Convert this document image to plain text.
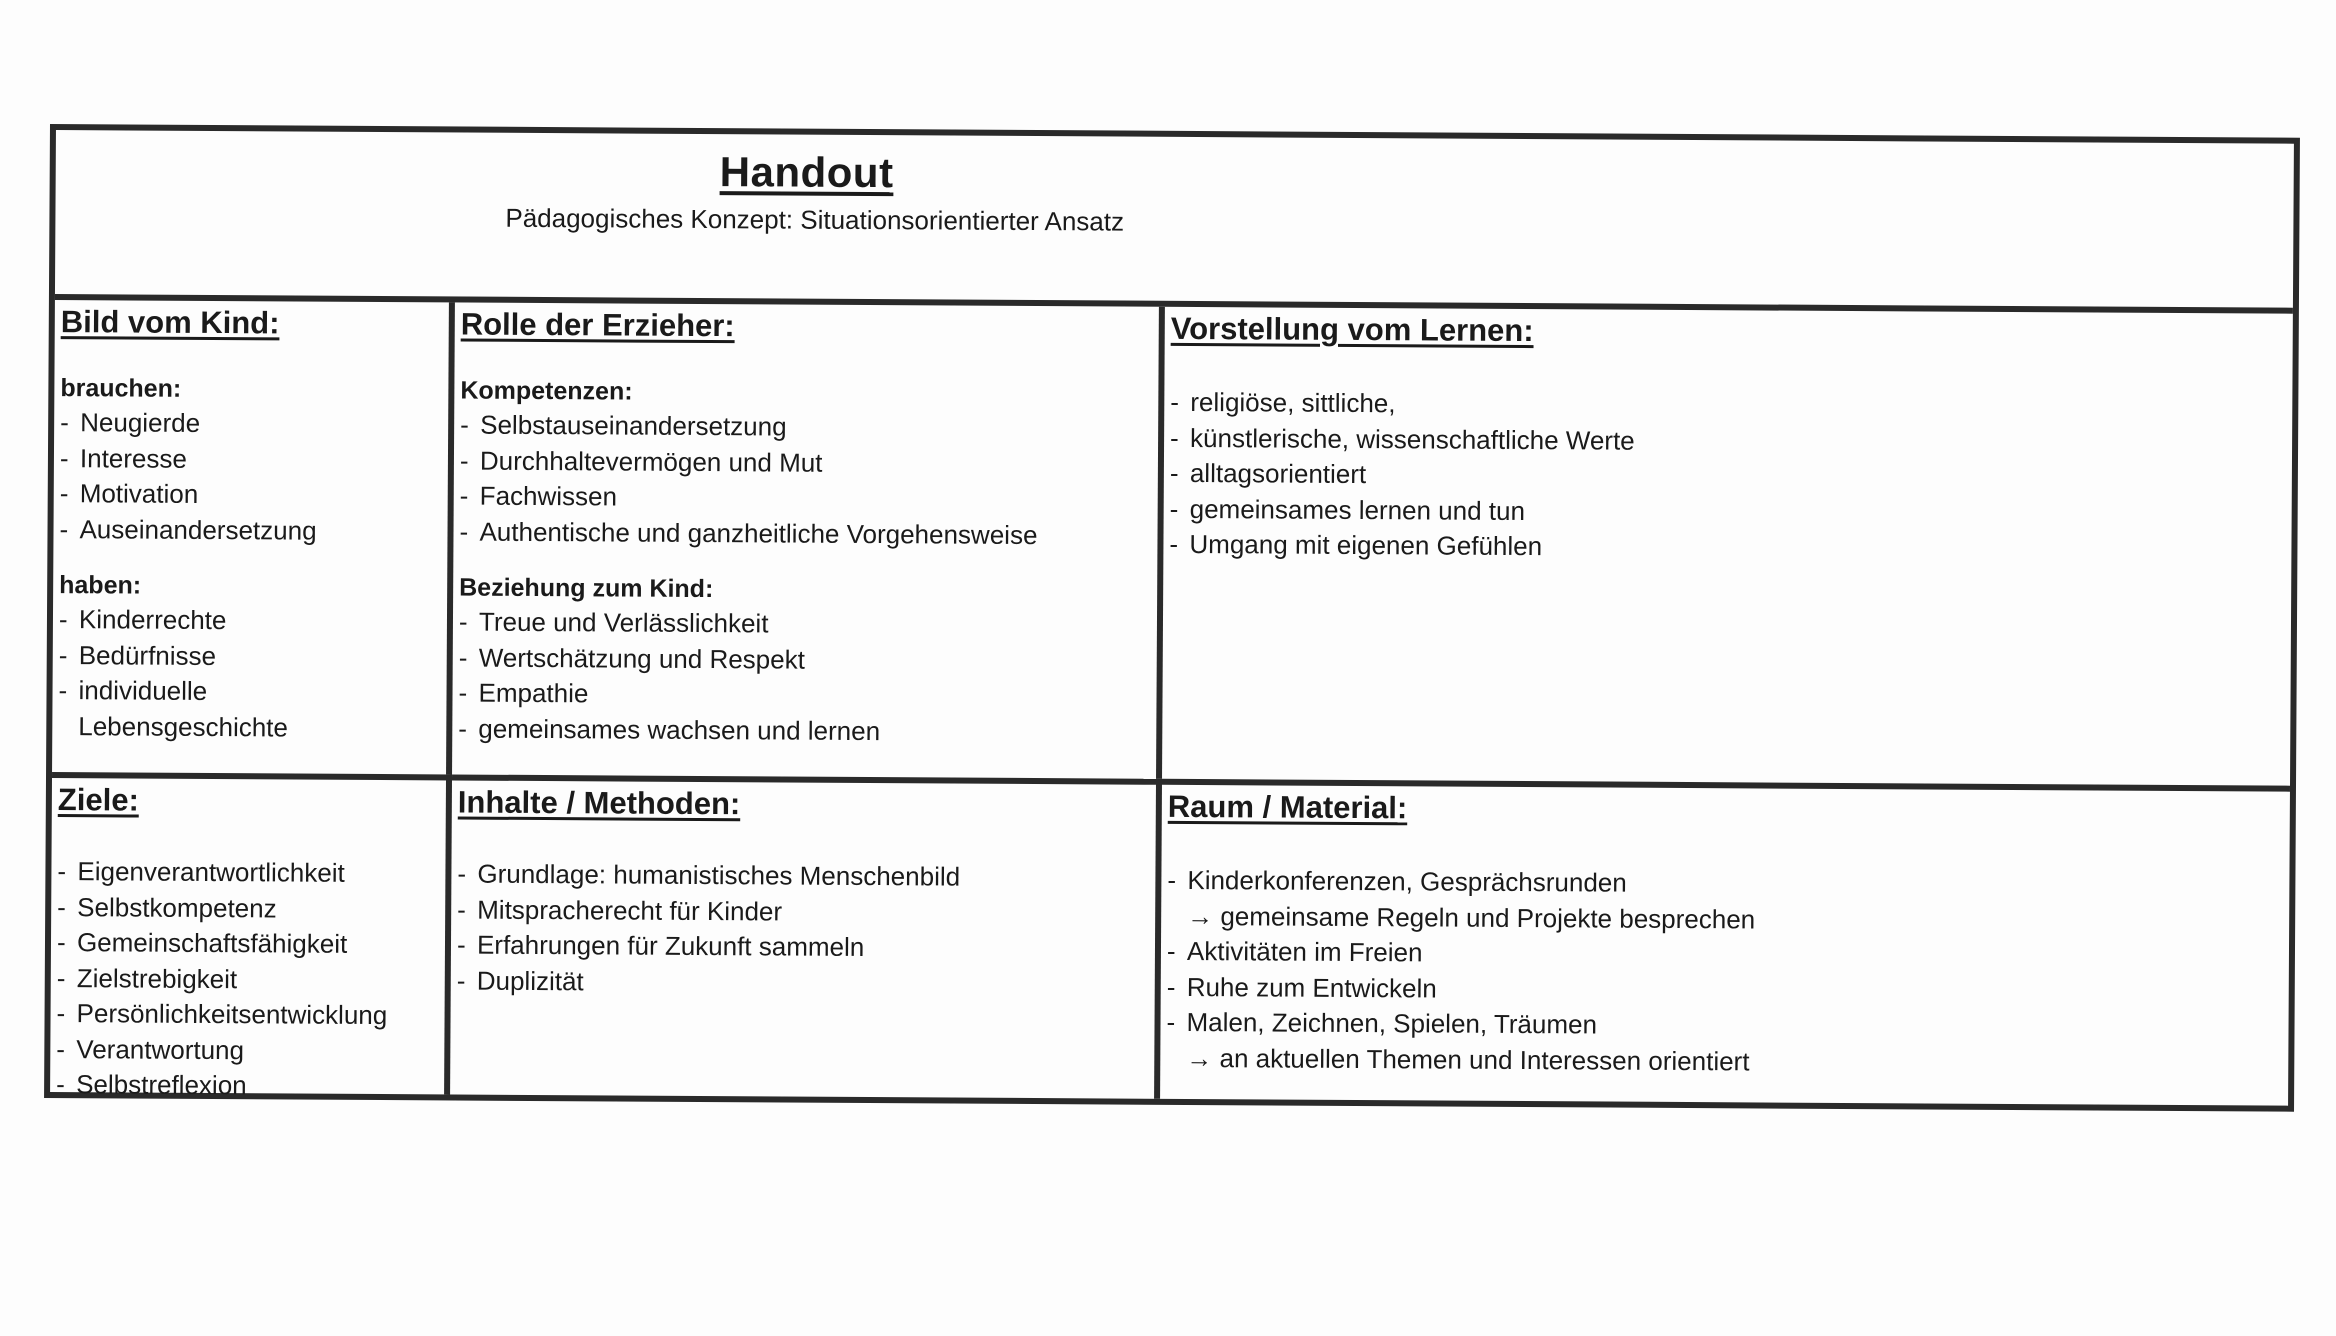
Handout
Pädagogisches Konzept: Situationsorientierter Ansatz
Bild vom Kind:
brauchen:
- Neugierde
- Interesse
- Motivation
- Auseinandersetzung
haben:
- Kinderrechte
- Bedürfnisse
- individuelle
Lebensgeschichte
Rolle der Erzieher:
Kompetenzen:
- Selbstauseinandersetzung
- Durchhaltevermögen und Mut
- Fachwissen
- Authentische und ganzheitliche Vorgehensweise
Beziehung zum Kind:
- Treue und Verlässlichkeit
- Wertschätzung und Respekt
- Empathie
- gemeinsames wachsen und lernen
Vorstellung vom Lernen:
- religiöse, sittliche,
- künstlerische, wissenschaftliche Werte
- alltagsorientiert
- gemeinsames lernen und tun
- Umgang mit eigenen Gefühlen
Ziele:
- Eigenverantwortlichkeit
- Selbstkompetenz
- Gemeinschaftsfähigkeit
- Zielstrebigkeit
- Persönlichkeitsentwicklung
- Verantwortung
- Selbstreflexion
Inhalte / Methoden:
- Grundlage: humanistisches Menschenbild
- Mitspracherecht für Kinder
- Erfahrungen für Zukunft sammeln
- Duplizität
Raum / Material:
- Kinderkonferenzen, Gesprächsrunden
→ gemeinsame Regeln und Projekte besprechen
- Aktivitäten im Freien
- Ruhe zum Entwickeln
- Malen, Zeichnen, Spielen, Träumen
→ an aktuellen Themen und Interessen orientiert
